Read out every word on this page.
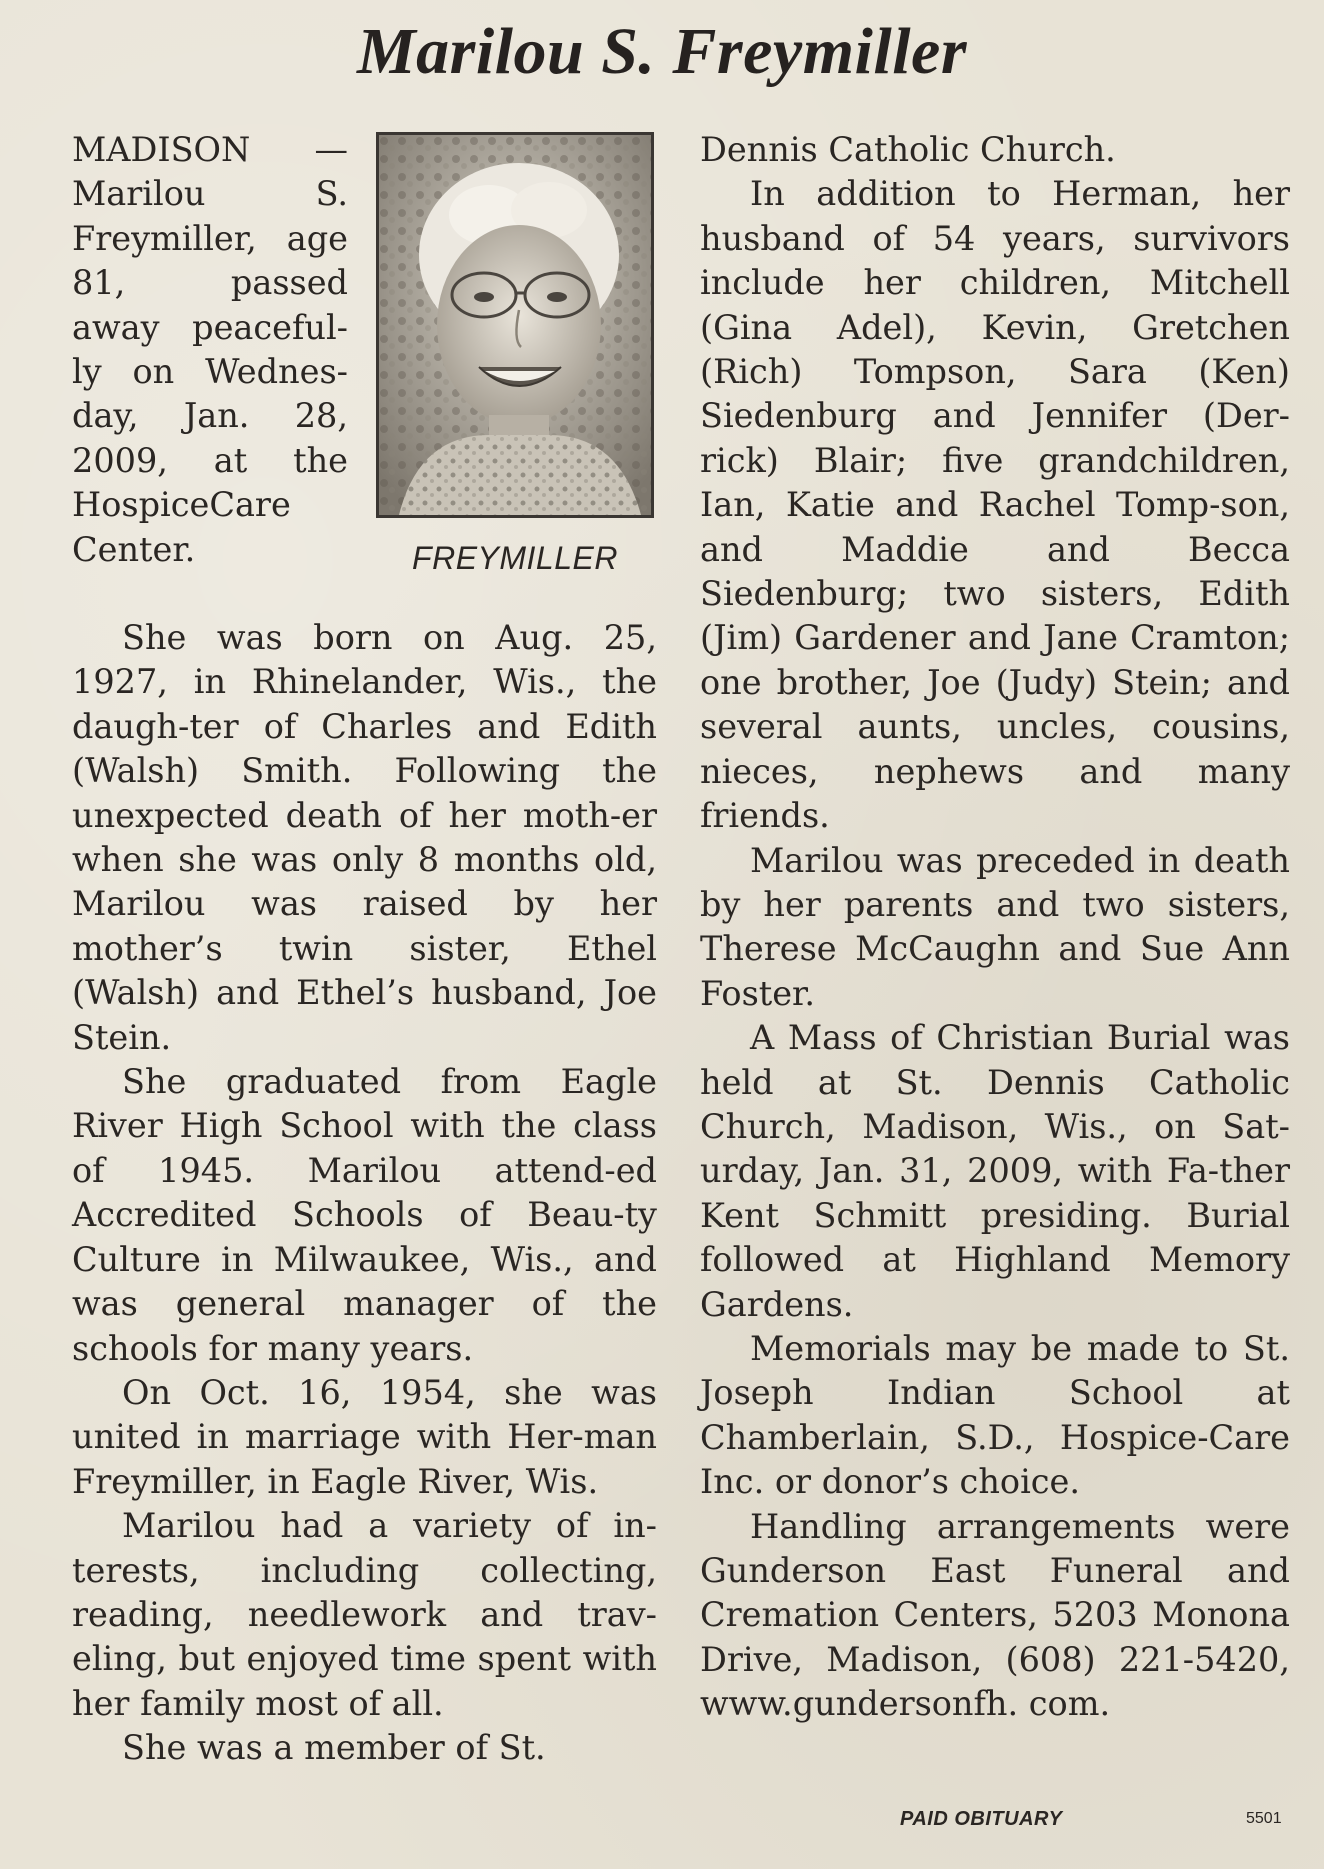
Marilou S. Freymiller

MADISON — Marilou S. Freymiller, age 81, passed away peaceful-ly on Wednes-day, Jan. 28, 2009, at the HospiceCare Center.	FREYMILLER

She was born on Aug. 25, 1927, in Rhinelander, Wis., the daugh-ter of Charles and Edith (Walsh) Smith. Following the unexpected death of her moth-er when she was only 8 months old, Marilou was raised by her mother’s twin sister, Ethel (Walsh) and Ethel’s husband, Joe Stein.

She graduated from Eagle River High School with the class of 1945. Marilou attend-ed Accredited Schools of Beau-ty Culture in Milwaukee, Wis., and was general manager of the schools for many years.

On Oct. 16, 1954, she was united in marriage with Her-man Freymiller, in Eagle River, Wis.

Marilou had a variety of in-terests, including collecting, reading, needlework and trav-eling, but enjoyed time spent with her family most of all.

She was a member of St.

Dennis Catholic Church.

In addition to Herman, her husband of 54 years, survivors include her children, Mitchell (Gina Adel), Kevin, Gretchen (Rich) Tompson, Sara (Ken) Siedenburg and Jennifer (Der-rick) Blair; five grandchildren, Ian, Katie and Rachel Tomp-son, and Maddie and Becca Siedenburg; two sisters, Edith (Jim) Gardener and Jane Cramton; one brother, Joe (Judy) Stein; and several aunts, uncles, cousins, nieces, nephews and many friends.

Marilou was preceded in death by her parents and two sisters, Therese McCaughn and Sue Ann Foster.

A Mass of Christian Burial was held at St. Dennis Catholic Church, Madison, Wis., on Sat-urday, Jan. 31, 2009, with Fa-ther Kent Schmitt presiding. Burial followed at Highland Memory Gardens.

Memorials may be made to St. Joseph Indian School at Chamberlain, S.D., Hospice-Care Inc. or donor’s choice.

Handling arrangements were Gunderson East Funeral and Cremation Centers, 5203 Monona Drive, Madison, (608) 221-5420, www.gundersonfh. com.

PAID OBITUARY	5501
